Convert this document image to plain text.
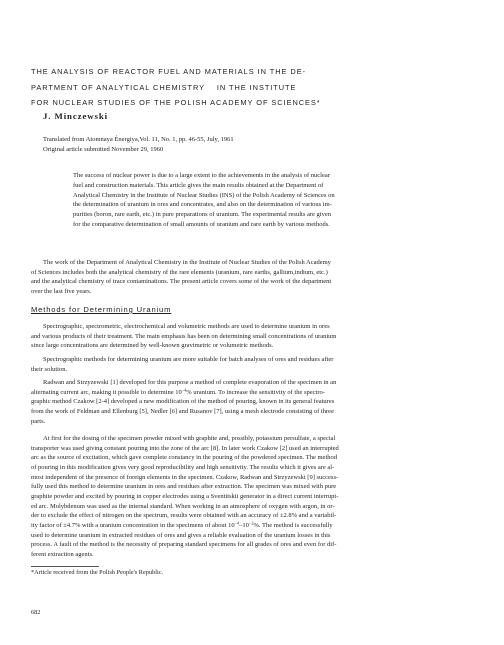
THE ANALYSIS OF REACTOR FUEL AND MATERIALS IN THE DE-
PARTMENT OF ANALYTICAL CHEMISTRY    IN THE INSTITUTE
FOR NUCLEAR STUDIES OF THE POLISH ACADEMY OF SCIENCES*
J. Minczewski
Translated from Atomnaya Énergiya,Vol. 11, No. 1, pp. 46-55, July, 1961
Original article submitted November 29, 1960
The success of nuclear power is due to a large extent to the achievements in the analysis of nuclear
fuel and construction materials. This article gives the main results obtained at the Department of
Analytical Chemistry in the Institute of Nuclear Studies (INS) of the Polish Academy of Sciences on
the determination of uranium in ores and concentrates, and also on the determination of various im-
purities (boron, rare earth, etc.) in pure preparations of uranium. The experimental results are given
for the comparative determination of small amounts of uranium and rare earth by various methods.
The work of the Department of Analytical Chemistry in the Institute of Nuclear Studies of the Polish Academy
of Sciences includes both the analytical chemistry of the rare elements (uranium, rare earths, gallium,indium, etc.)
and the analytical chemistry of trace contaminations. The present article covers some of the work of the department
over the last five years.
Methods for Determining Uranium
Spectrographic, spectrometric, electrochemical and volumetric methods are used to determine uranium in ores
and various products of their treatment. The main emphasis has been on determining small concentrations of uranium
since large concentrations are determined by well-known gravimetric or volumetric methods.
Spectrographic methods for determining uranium are more suitable for batch analyses of ores and residues after
their solution.
Radwan and Strzyzewski [1] developed for this purpose a method of complete evaporation of the specimen in an
alternating current arc, making it possible to determine $10^{-4}\%$ uranium. To increase the sensitivity of the spectro-
graphic method Czakow [2-4] developed a new modification of the method of pouring, known in its general features
from the work of Feldman and Ellenburg [5], Nedler [6] and Rusanov [7], using a mesh electrode consisting of three
parts.
At first for the dosing of the specimen powder mixed with graphite and, possibly, potassium persulfate, a special
transporter was used giving constant pouring into the zone of the arc [8]. In later work Czakow [2] used an interrupted
arc as the source of excitation, which gave complete constancy in the pouring of the powdered specimen. The method
of pouring in this modification gives very good reproducibility and high sensitivity. The results which it gives are al-
most independent of the presence of foreign elements in the specimen. Czakow, Radwan and Strzyzewski [9] success-
fully used this method to determine uranium in ores and residues after extraction. The specimen was mixed with pure
graphite powder and excited by pouring in copper electrodes using a Sventitskii generator in a direct current interrupt-
ed arc. Molybdenum was used as the internal standard. When working in an atmosphere of oxygen with argon, in or-
der to exclude the effect of nitrogen on the spectrum, results were obtained with an accuracy of ±2.8% and a variabil-
ity factor of ±4.7% with a uranium concentration in the specimens of about $10^{-4}-10^{-2}\%$. The method is successfully
used to determine uranium in extracted residues of ores and gives a reliable evaluation of the uranium losses in this
process. A fault of the method is the necessity of preparing standard specimens for all grades of ores and even for dif-
ferent extraction agents.
*Article received from the Polish People's Republic.
682
